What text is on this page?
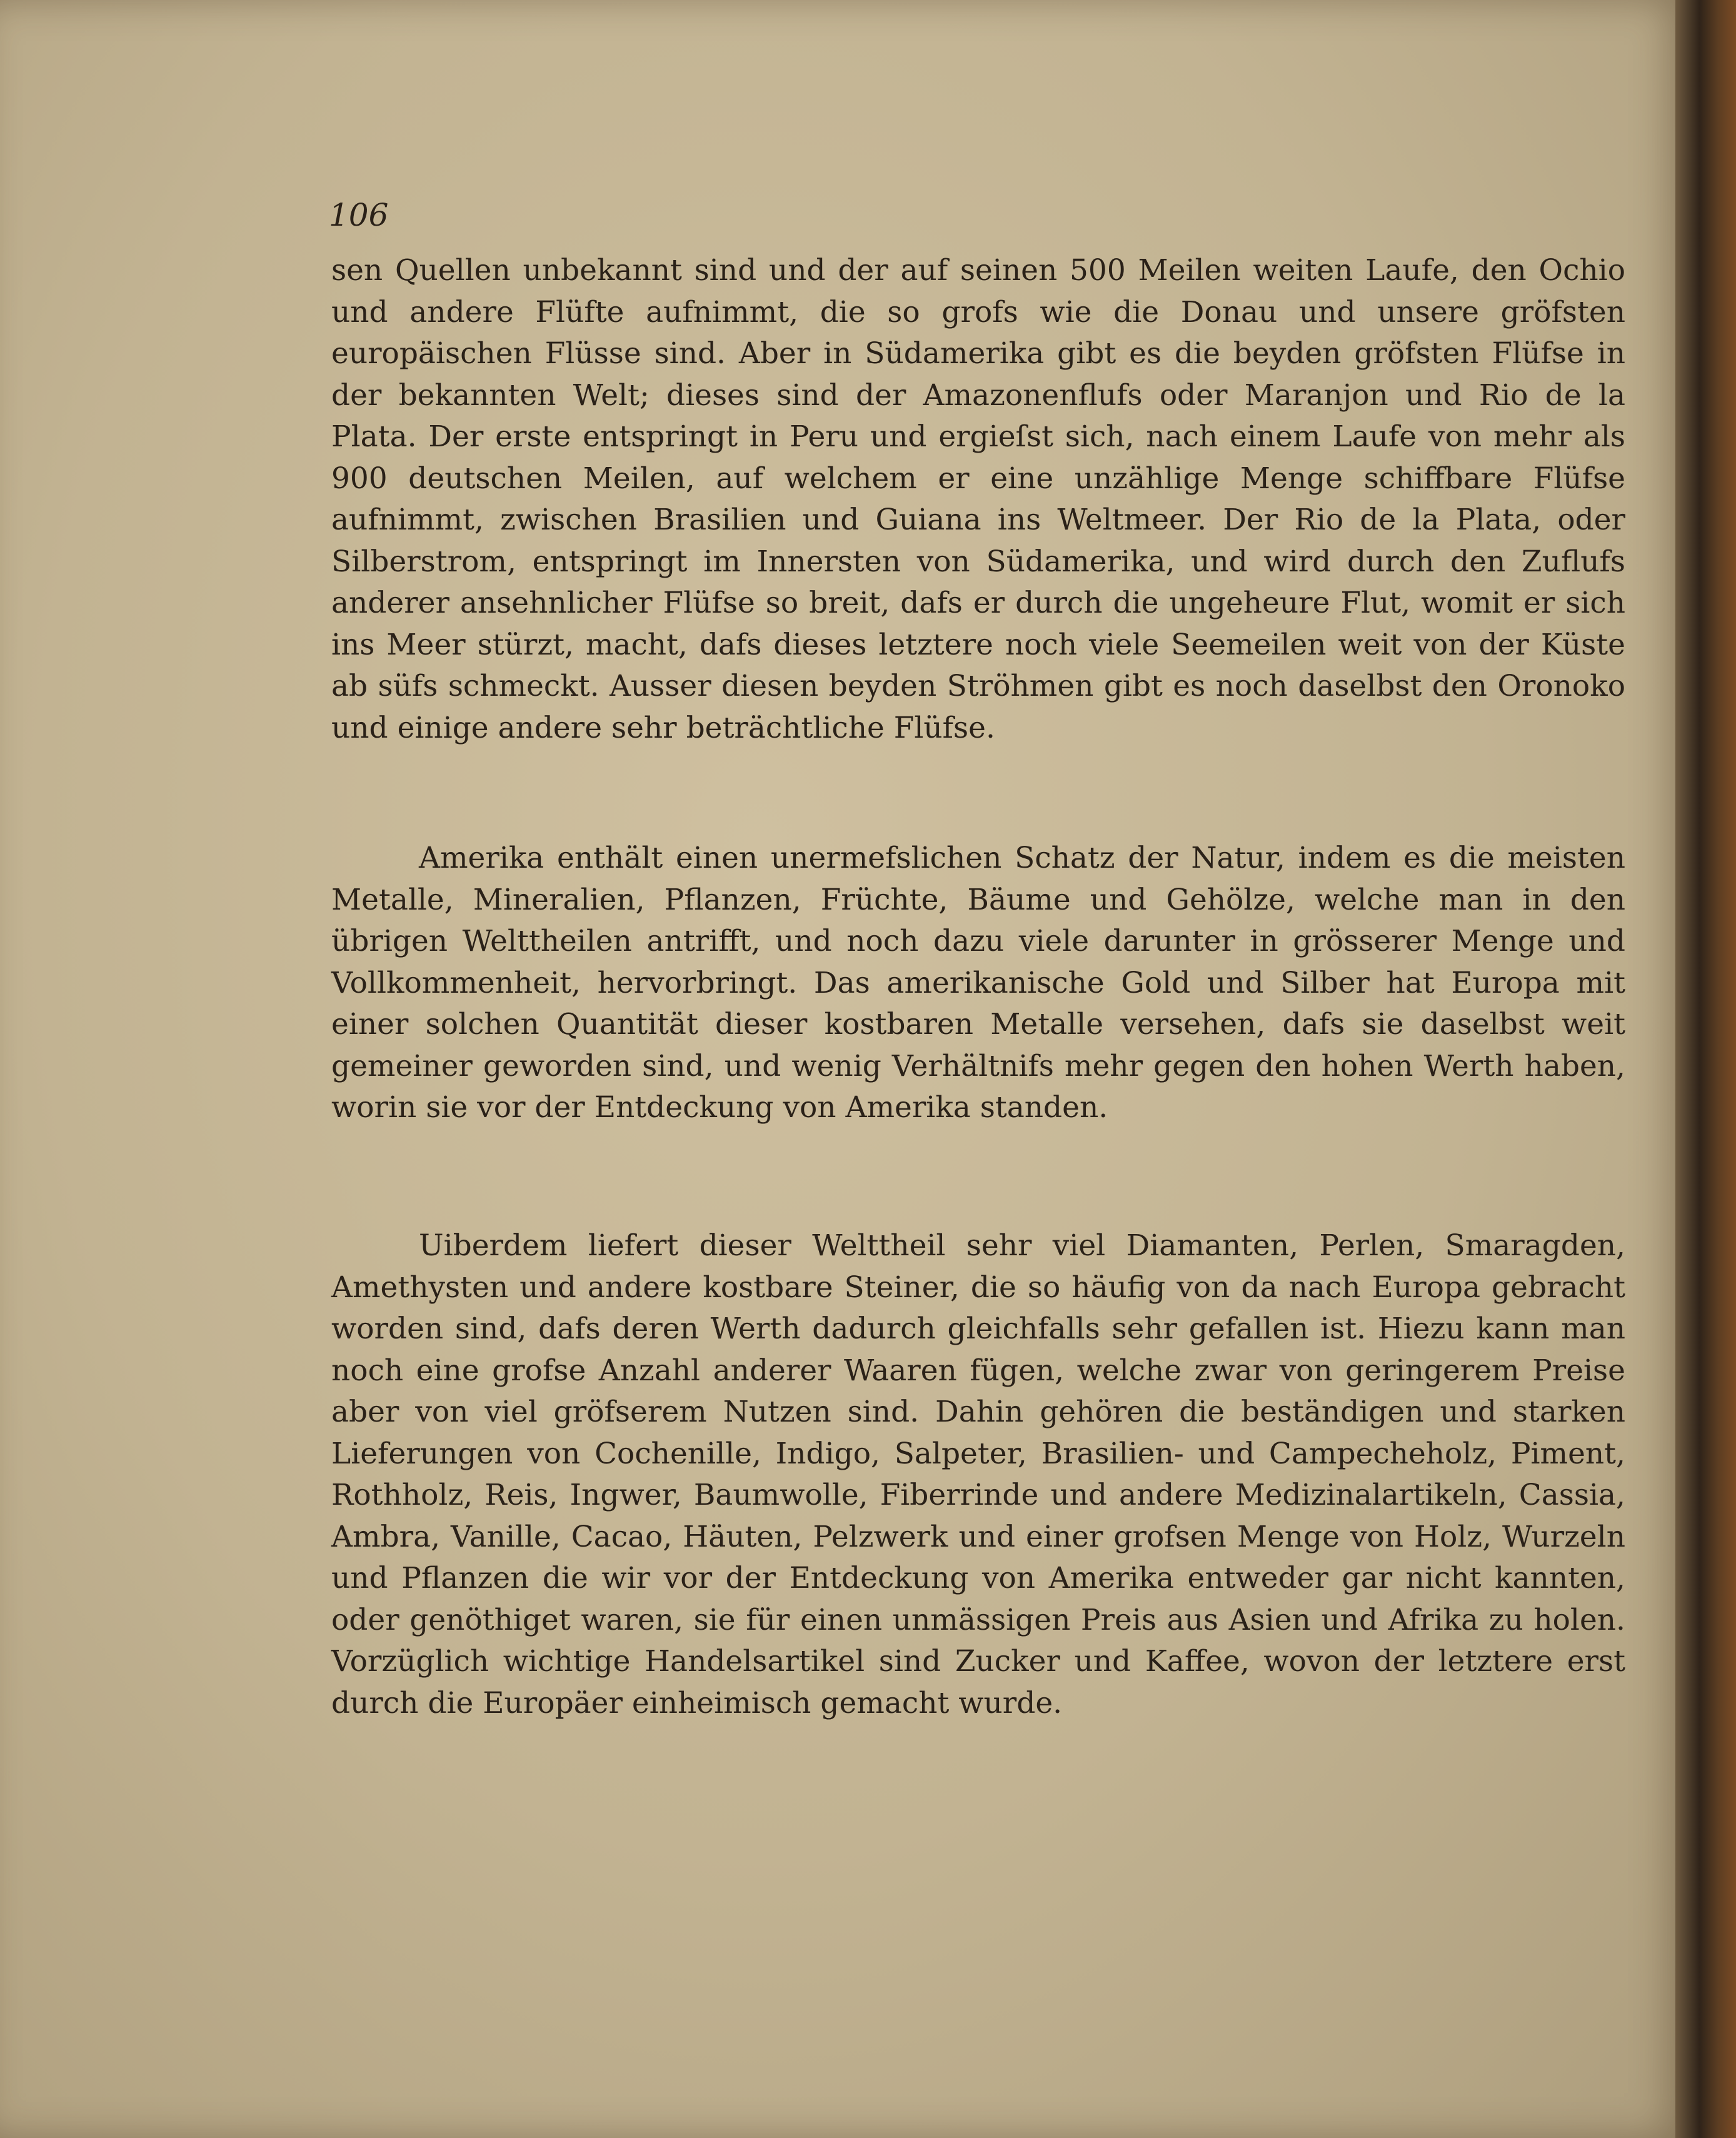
106

sen Quellen unbekannt sind und der auf seinen 500 Meilen weiten Laufe, den Ochio und andere Flüfte aufnimmt, die so grofs wie die Donau und unsere gröfsten europäischen Flüsse sind. Aber in Südamerika gibt es die beyden gröfsten Flüfse in der bekannten Welt; dieses sind der Amazonenflufs oder Maranjon und Rio de la Plata. Der erste entspringt in Peru und ergieſst sich, nach einem Laufe von mehr als 900 deutschen Meilen, auf welchem er eine unzählige Menge schiffbare Flüfse aufnimmt, zwischen Brasilien und Guiana ins Weltmeer. Der Rio de la Plata, oder Silberstrom, entspringt im Innersten von Südamerika, und wird durch den Zuflufs anderer ansehnlicher Flüfse so breit, dafs er durch die ungeheure Flut, womit er sich ins Meer stürzt, macht, dafs dieses letztere noch viele Seemeilen weit von der Küste ab süfs schmeckt. Ausser diesen beyden Ströhmen gibt es noch daselbst den Oronoko und einige andere sehr beträchtliche Flüfse.

Amerika enthält einen unermefslichen Schatz der Natur, indem es die meisten Metalle, Mineralien, Pflanzen, Früchte, Bäume und Gehölze, welche man in den übrigen Welttheilen antrifft, und noch dazu viele darunter in grösserer Menge und Vollkommenheit, hervorbringt. Das amerikanische Gold und Silber hat Europa mit einer solchen Quantität dieser kostbaren Metalle versehen, dafs sie daselbst weit gemeiner geworden sind, und wenig Verhältnifs mehr gegen den hohen Werth haben, worin sie vor der Entdeckung von Amerika standen.

Uiberdem liefert dieser Welttheil sehr viel Diamanten, Perlen, Smaragden, Amethysten und andere kostbare Steiner, die so häufig von da nach Europa gebracht worden sind, dafs deren Werth dadurch gleichfalls sehr gefallen ist. Hiezu kann man noch eine grofse Anzahl anderer Waaren fügen, welche zwar von geringerem Preise aber von viel gröfserem Nutzen sind. Dahin gehören die beständigen und starken Lieferungen von Cochenille, Indigo, Salpeter, Brasilien- und Campecheholz, Piment, Rothholz, Reis, Ingwer, Baumwolle, Fiberrinde und andere Medizinalartikeln, Cassia, Ambra, Vanille, Cacao, Häuten, Pelzwerk und einer grofsen Menge von Holz, Wurzeln und Pflanzen die wir vor der Entdeckung von Amerika entweder gar nicht kannten, oder genöthiget waren, sie für einen unmässigen Preis aus Asien und Afrika zu holen. Vorzüglich wichtige Handelsartikel sind Zucker und Kaffee, wovon der letztere erst durch die Europäer einheimisch gemacht wurde.
